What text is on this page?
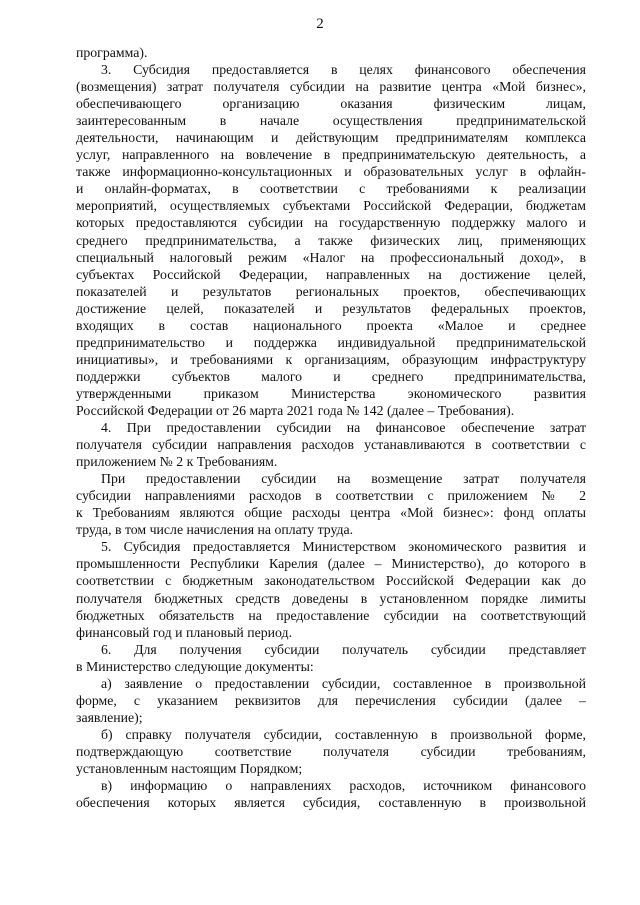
2
программа).
3. Субсидия предоставляется в целях финансового обеспечения
(возмещения) затрат получателя субсидии на развитие центра «Мой бизнес»,
обеспечивающего организацию оказания физическим лицам,
заинтересованным в начале осуществления предпринимательской
деятельности, начинающим и действующим предпринимателям комплекса
услуг, направленного на вовлечение в предпринимательскую деятельность, а
также информационно-консультационных и образовательных услуг в офлайн-
и онлайн-форматах, в соответствии с требованиями к реализации
мероприятий, осуществляемых субъектами Российской Федерации, бюджетам
которых предоставляются субсидии на государственную поддержку малого и
среднего предпринимательства, а также физических лиц, применяющих
специальный налоговый режим «Налог на профессиональный доход», в
субъектах Российской Федерации, направленных на достижение целей,
показателей и результатов региональных проектов, обеспечивающих
достижение целей, показателей и результатов федеральных проектов,
входящих в состав национального проекта «Малое и среднее
предпринимательство и поддержка индивидуальной предпринимательской
инициативы», и требованиями к организациям, образующим инфраструктуру
поддержки субъектов малого и среднего предпринимательства,
утвержденными приказом Министерства экономического развития
Российской Федерации от 26 марта 2021 года № 142 (далее – Требования).
4. При предоставлении субсидии на финансовое обеспечение затрат
получателя субсидии направления расходов устанавливаются в соответствии с
приложением № 2 к Требованиям.
При предоставлении субсидии на возмещение затрат получателя
субсидии направлениями расходов в соответствии с приложением № 2
к Требованиям являются общие расходы центра «Мой бизнес»: фонд оплаты
труда, в том числе начисления на оплату труда.
5. Субсидия предоставляется Министерством экономического развития и
промышленности Республики Карелия (далее – Министерство), до которого в
соответствии с бюджетным законодательством Российской Федерации как до
получателя бюджетных средств доведены в установленном порядке лимиты
бюджетных обязательств на предоставление субсидии на соответствующий
финансовый год и плановый период.
6. Для получения субсидии получатель субсидии представляет
в Министерство следующие документы:
а) заявление о предоставлении субсидии, составленное в произвольной
форме, с указанием реквизитов для перечисления субсидии (далее –
заявление);
б) справку получателя субсидии, составленную в произвольной форме,
подтверждающую соответствие получателя субсидии требованиям,
установленным настоящим Порядком;
в) информацию о направлениях расходов, источником финансового
обеспечения которых является субсидия, составленную в произвольной
